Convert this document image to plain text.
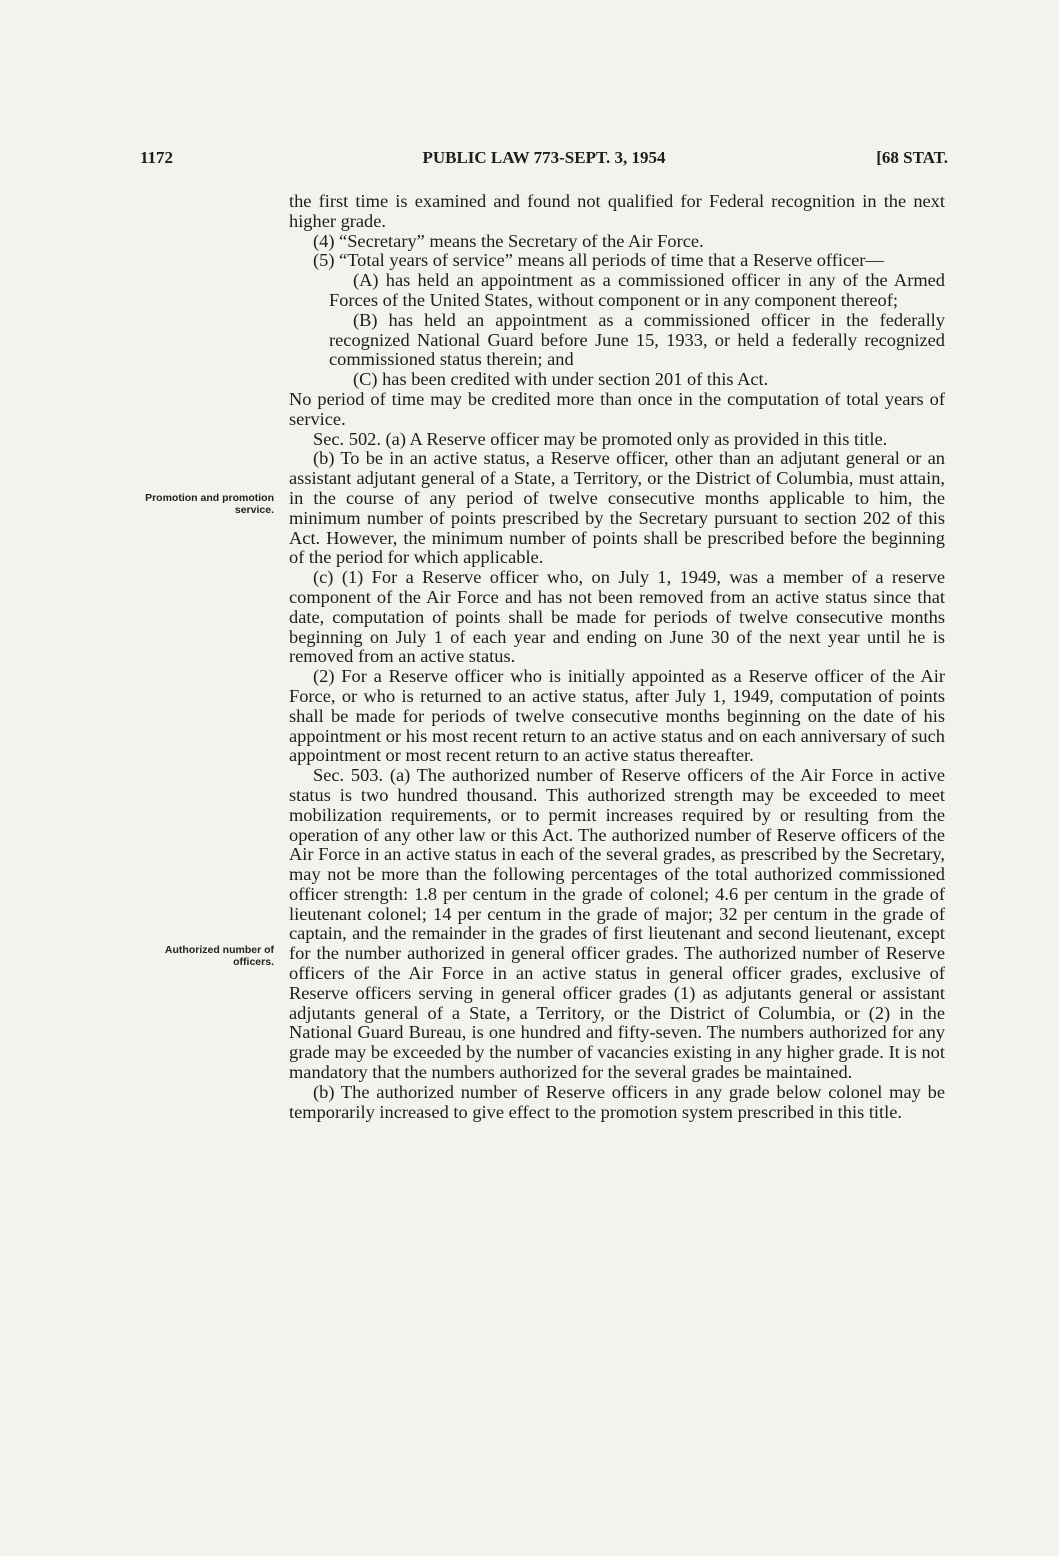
1172	PUBLIC LAW 773-SEPT. 3, 1954	[68 STAT.
Promotion and promotion service.
Authorized number of officers.

the first time is examined and found not qualified for Federal recognition in the next higher grade.

(4) “Secretary” means the Secretary of the Air Force.

(5) “Total years of service” means all periods of time that a Reserve officer—

(A) has held an appointment as a commissioned officer in any of the Armed Forces of the United States, without component or in any component thereof;

(B) has held an appointment as a commissioned officer in the federally recognized National Guard before June 15, 1933, or held a federally recognized commissioned status therein; and

(C) has been credited with under section 201 of this Act.

No period of time may be credited more than once in the computation of total years of service.

Sec. 502. (a) A Reserve officer may be promoted only as provided in this title.

(b) To be in an active status, a Reserve officer, other than an adjutant general or an assistant adjutant general of a State, a Territory, or the District of Columbia, must attain, in the course of any period of twelve consecutive months applicable to him, the minimum number of points prescribed by the Secretary pursuant to section 202 of this Act. However, the minimum number of points shall be prescribed before the beginning of the period for which applicable.

(c) (1) For a Reserve officer who, on July 1, 1949, was a member of a reserve component of the Air Force and has not been removed from an active status since that date, computation of points shall be made for periods of twelve consecutive months beginning on July 1 of each year and ending on June 30 of the next year until he is removed from an active status.

(2) For a Reserve officer who is initially appointed as a Reserve officer of the Air Force, or who is returned to an active status, after July 1, 1949, computation of points shall be made for periods of twelve consecutive months beginning on the date of his appointment or his most recent return to an active status and on each anniversary of such appointment or most recent return to an active status thereafter.

Sec. 503. (a) The authorized number of Reserve officers of the Air Force in active status is two hundred thousand. This authorized strength may be exceeded to meet mobilization requirements, or to permit increases required by or resulting from the operation of any other law or this Act. The authorized number of Reserve officers of the Air Force in an active status in each of the several grades, as prescribed by the Secretary, may not be more than the following percentages of the total authorized commissioned officer strength: 1.8 per centum in the grade of colonel; 4.6 per centum in the grade of lieutenant colonel; 14 per centum in the grade of major; 32 per centum in the grade of captain, and the remainder in the grades of first lieutenant and second lieutenant, except for the number authorized in general officer grades. The authorized number of Reserve officers of the Air Force in an active status in general officer grades, exclusive of Reserve officers serving in general officer grades (1) as adjutants general or assistant adjutants general of a State, a Territory, or the District of Columbia, or (2) in the National Guard Bureau, is one hundred and fifty-seven. The numbers authorized for any grade may be exceeded by the number of vacancies existing in any higher grade. It is not mandatory that the numbers authorized for the several grades be maintained.

(b) The authorized number of Reserve officers in any grade below colonel may be temporarily increased to give effect to the promotion system prescribed in this title.
